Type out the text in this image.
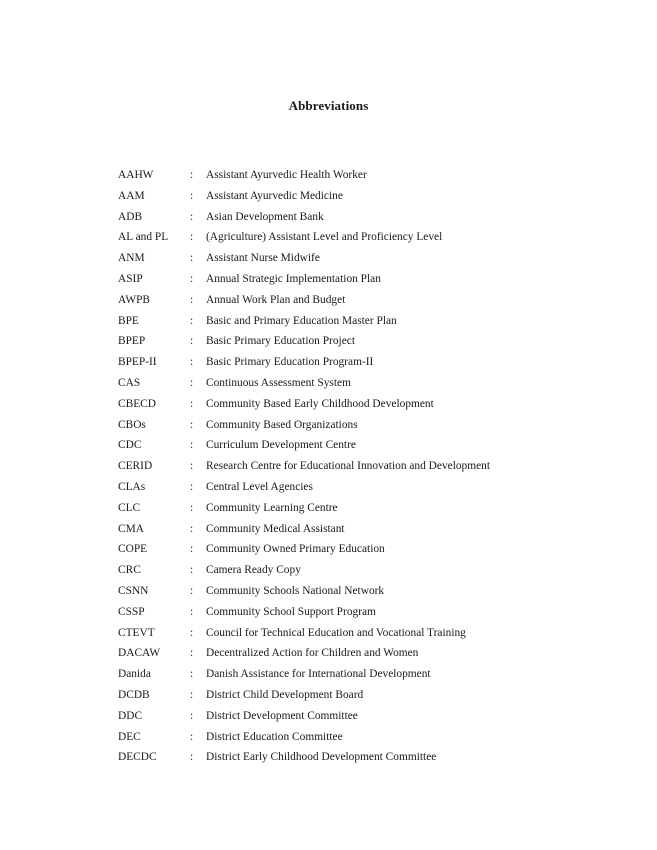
Abbreviations
AAHW	: Assistant Ayurvedic Health Worker
AAM	: Assistant Ayurvedic Medicine
ADB	: Asian Development Bank
AL and PL : (Agriculture) Assistant Level and Proficiency Level
ANM	: Assistant Nurse Midwife
ASIP	: Annual Strategic Implementation Plan
AWPB	: Annual Work Plan and Budget
BPE	: Basic and Primary Education Master Plan
BPEP	: Basic Primary Education Project
BPEP-II	: Basic Primary Education Program-II
CAS	: Continuous Assessment System
CBECD	: Community Based Early Childhood Development
CBOs	: Community Based Organizations
CDC	: Curriculum Development Centre
CERID	: Research Centre for Educational Innovation and Development
CLAs	: Central Level Agencies
CLC	: Community Learning Centre
CMA	: Community Medical Assistant
COPE	: Community Owned Primary Education
CRC	: Camera Ready Copy
CSNN	: Community Schools National Network
CSSP	: Community School Support Program
CTEVT	: Council for Technical Education and Vocational Training
DACAW	: Decentralized Action for Children and Women
Danida	: Danish Assistance for International Development
DCDB	: District Child Development Board
DDC	: District Development Committee
DEC	: District Education Committee
DECDC	: District Early Childhood Development Committee
